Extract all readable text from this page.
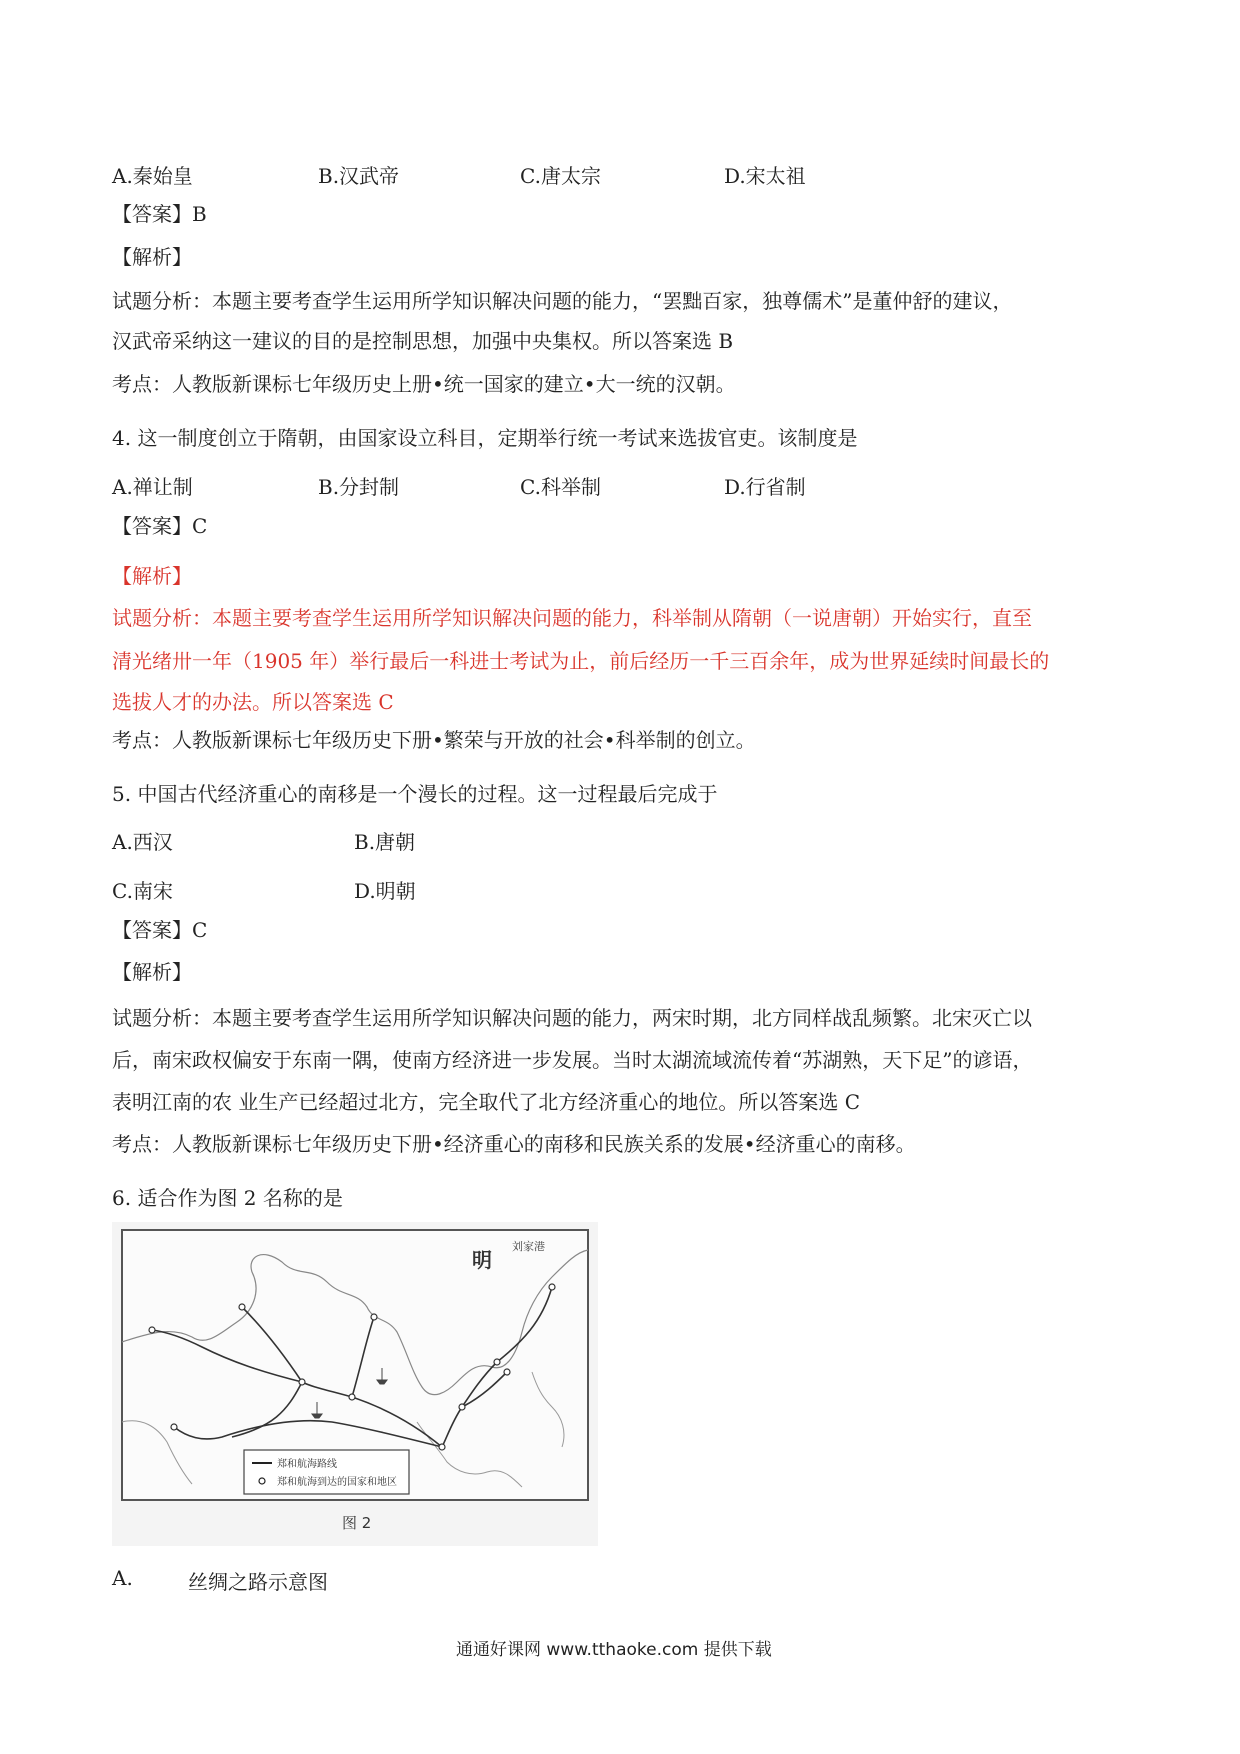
A.秦始皇	B.汉武帝	C.唐太宗	D.宋太祖
【答案】B
【解析】
试题分析：本题主要考查学生运用所学知识解决问题的能力，“罢黜百家，独尊儒术”是董仲舒的建议，
汉武帝采纳这一建议的目的是控制思想，加强中央集权。所以答案选 B
考点：人教版新课标七年级历史上册•统一国家的建立•大一统的汉朝。
4. 这一制度创立于隋朝，由国家设立科目，定期举行统一考试来选拔官吏。该制度是
A.禅让制	B.分封制	C.科举制	D.行省制
【答案】C
【解析】
试题分析：本题主要考查学生运用所学知识解决问题的能力，科举制从隋朝（一说唐朝）开始实行，直至
清光绪卅一年（1905 年）举行最后一科进士考试为止，前后经历一千三百余年，成为世界延续时间最长的
选拔人才的办法。所以答案选 C
考点：人教版新课标七年级历史下册•繁荣与开放的社会•科举制的创立。
5. 中国古代经济重心的南移是一个漫长的过程。这一过程最后完成于
A.西汉	B.唐朝
C.南宋	D.明朝
【答案】C
【解析】
试题分析：本题主要考查学生运用所学知识解决问题的能力，两宋时期，北方同样战乱频繁。北宋灭亡以
后，南宋政权偏安于东南一隅，使南方经济进一步发展。当时太湖流域流传着“苏湖熟，天下足”的谚语，
表明江南的农 业生产已经超过北方，完全取代了北方经济重心的地位。所以答案选 C
考点：人教版新课标七年级历史下册•经济重心的南移和民族关系的发展•经济重心的南移。
6. 适合作为图 2 名称的是
明
刘家港
郑和航海路线
郑和航海到达的国家和地区
图 2
A.	丝绸之路示意图
通通好课网 www.tthaoke.com 提供下载
